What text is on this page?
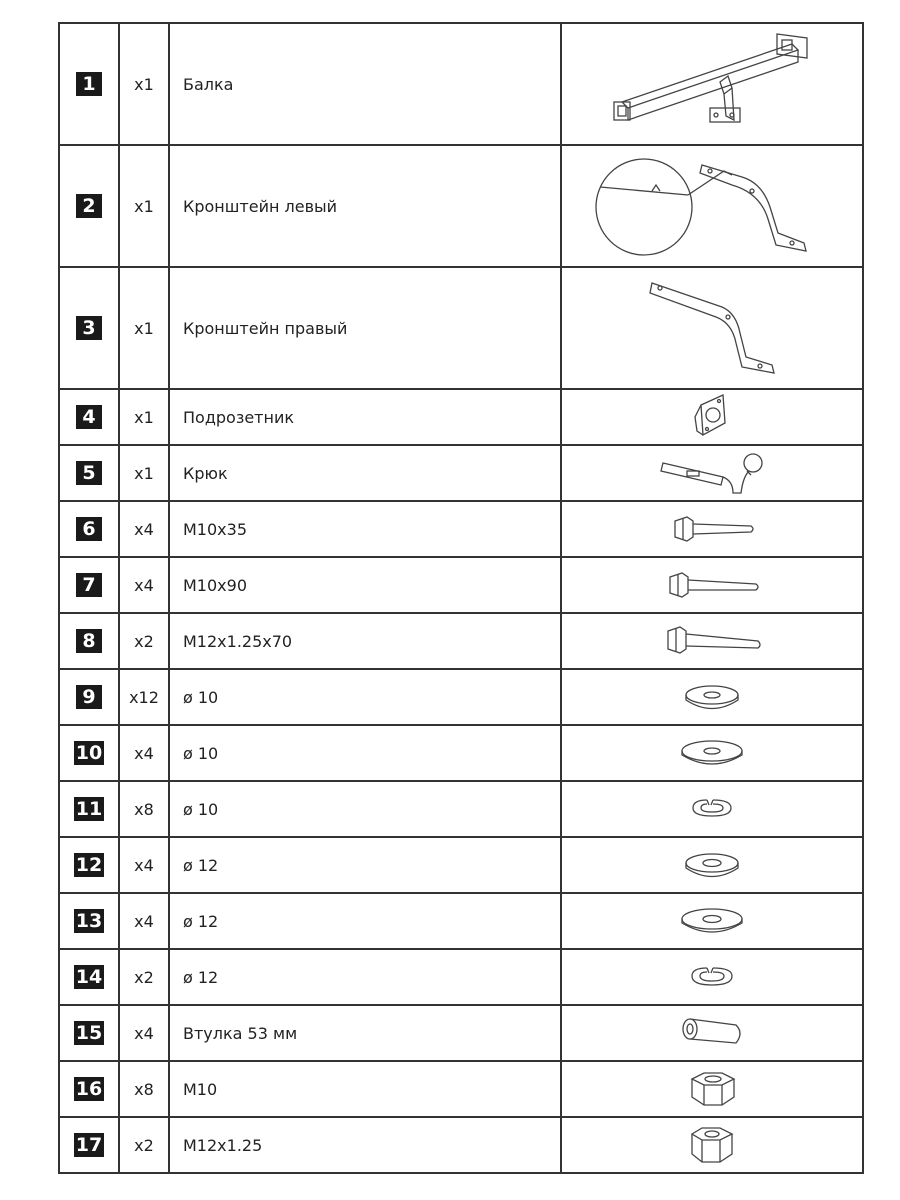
1	x1	Балка	

2	x1	Кронштейн левый	

3	x1	Кронштейн правый	

4	x1	Подрозетник	

5	x1	Крюк	

6	x4	M10x35	

7	x4	M10x90	

8	x2	M12x1.25x70	

9	x12	ø 10	

10	x4	ø 10	

11	x8	ø 10	

12	x4	ø 12	

13	x4	ø 12	

14	x2	ø 12	

15	x4	Втулка 53 мм	

16	x8	M10	

17	x2	M12x1.25	
